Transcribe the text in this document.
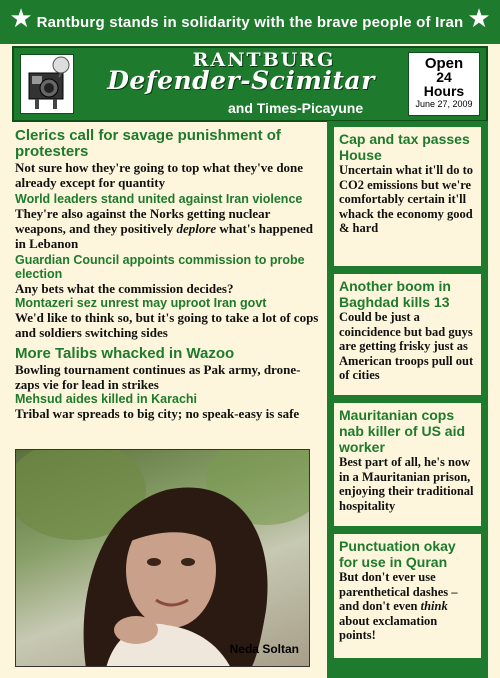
★ Rantburg stands in solidarity with the brave people of Iran ★
RANTBURG
Defender-Scimitar
and Times-Picayune
Open
24
Hours
June 27, 2009
Clerics call for savage punishment of protesters
Not sure how they're going to top what they've done already except for quantity
World leaders stand united against Iran violence
They're also against the Norks getting nuclear weapons, and they positively deplore what's happened in Lebanon
Guardian Council appoints commission to probe election
Any bets what the commission decides?
Montazeri sez unrest may uproot Iran govt
We'd like to think so, but it's going to take a lot of cops and soldiers switching sides
More Talibs whacked in Wazoo
Bowling tournament continues as Pak army, drone-zaps vie for lead in strikes
Mehsud aides killed in Karachi
Tribal war spreads to big city; no speak-easy is safe
Neda Soltan
Cap and tax passes House
Uncertain what it'll do to CO2 emissions but we're comfortably certain it'll whack the economy good & hard
Another boom in Baghdad kills 13
Could be just a coincidence but bad guys are getting frisky just as American troops pull out of cities
Mauritanian cops nab killer of US aid worker
Best part of all, he's now in a Mauritanian prison, enjoying their traditional hospitality
Punctuation okay for use in Quran
But don't ever use parenthetical dashes – and don't even think about exclamation points!
